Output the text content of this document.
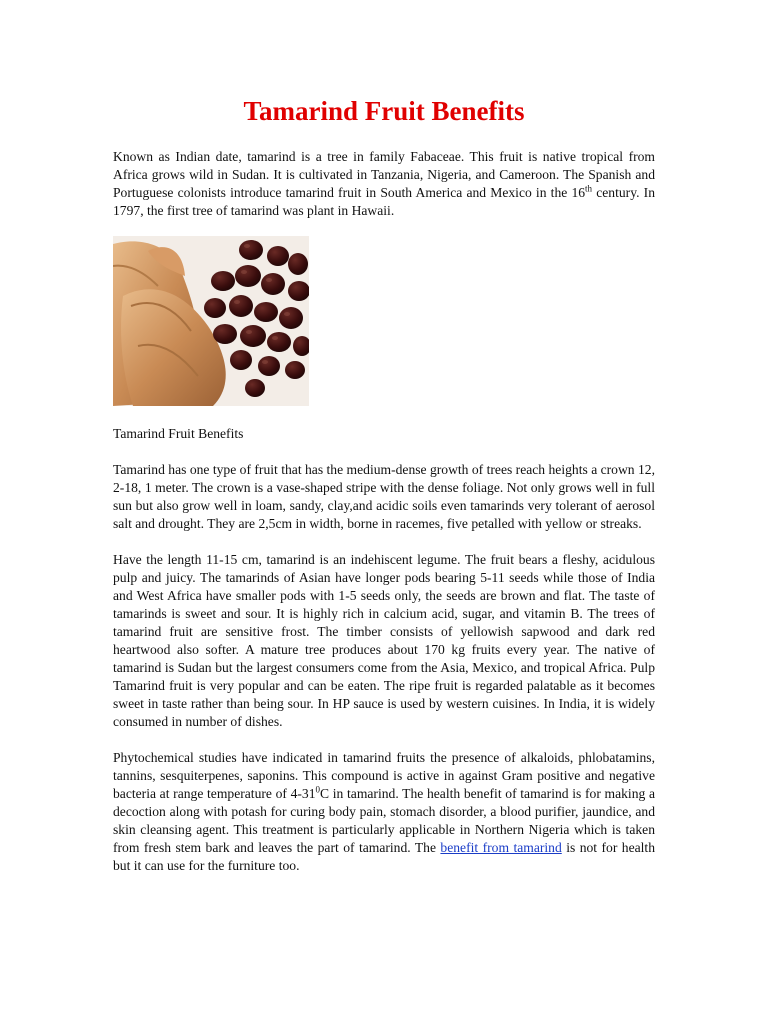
Tamarind Fruit Benefits

Known as Indian date, tamarind is a tree in family Fabaceae. This fruit is native tropical from Africa grows wild in Sudan. It is cultivated in Tanzania, Nigeria, and Cameroon. The Spanish and Portuguese colonists introduce tamarind fruit in South America and Mexico in the 16th century. In 1797, the first tree of tamarind was plant in Hawaii.

Tamarind Fruit Benefits

Tamarind has one type of fruit that has the medium-dense growth of trees reach heights a crown 12, 2-18, 1 meter. The crown is a vase-shaped stripe with the dense foliage. Not only grows well in full sun but also grow well in loam, sandy, clay,and acidic soils even tamarinds very tolerant of aerosol salt and drought. They are 2,5cm in width, borne in racemes, five petalled with yellow or streaks.

Have the length 11-15 cm, tamarind is an indehiscent legume. The fruit bears a fleshy, acidulous pulp and juicy. The tamarinds of Asian have longer pods bearing 5-11 seeds while those of India and West Africa have smaller pods with 1-5 seeds only, the seeds are brown and flat. The taste of tamarinds is sweet and sour. It is highly rich in calcium acid, sugar, and vitamin B. The trees of tamarind fruit are sensitive frost. The timber consists of yellowish sapwood and dark red heartwood also softer. A mature tree produces about 170 kg fruits every year. The native of tamarind is Sudan but the largest consumers come from the Asia, Mexico, and tropical Africa. Pulp Tamarind fruit is very popular and can be eaten. The ripe fruit is regarded palatable as it becomes sweet in taste rather than being sour. In HP sauce is used by western cuisines. In India, it is widely consumed in number of dishes.

Phytochemical studies have indicated in tamarind fruits the presence of alkaloids, phlobatamins, tannins, sesquiterpenes, saponins. This compound is active in against Gram positive and negative bacteria at range temperature of $4-31^0C$ in tamarind. The health benefit of tamarind is for making a decoction along with potash for curing body pain, stomach disorder, a blood purifier, jaundice, and skin cleansing agent. This treatment is particularly applicable in Northern Nigeria which is taken from fresh stem bark and leaves the part of tamarind. The benefit from tamarind is not for health but it can use for the furniture too.
